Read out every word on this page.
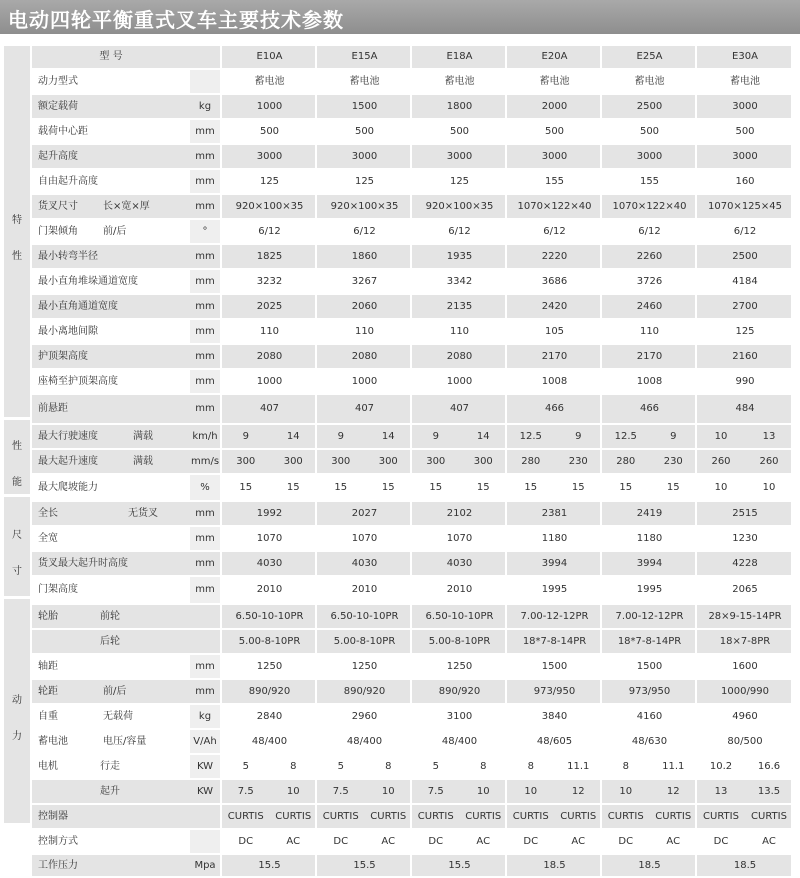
电动四轮平衡重式叉车主要技术参数
型 号	E10A	E15A	E18A	E20A	E25A	E30A
特
性
性
能
尺
寸
动
力
动力型式	蓄电池	蓄电池	蓄电池	蓄电池	蓄电池	蓄电池
额定载荷	kg	1000	1500	1800	2000	2500	3000
载荷中心距	mm	500	500	500	500	500	500
起升高度	mm	3000	3000	3000	3000	3000	3000
自由起升高度	mm	125	125	125	155	155	160
货叉尺寸	长×宽×厚	mm	920×100×35	920×100×35	920×100×35	1070×122×40	1070×122×40	1070×125×45
门架倾角	前/后	°	6/12	6/12	6/12	6/12	6/12	6/12
最小转弯半径	mm	1825	1860	1935	2220	2260	2500
最小直角堆垛通道宽度	mm	3232	3267	3342	3686	3726	4184
最小直角通道宽度	mm	2025	2060	2135	2420	2460	2700
最小离地间隙	mm	110	110	110	105	110	125
护顶架高度	mm	2080	2080	2080	2170	2170	2160
座椅至护顶架高度	mm	1000	1000	1000	1008	1008	990
前悬距	mm	407	407	407	466	466	484
最大行驶速度	满载	km/h	9	14	9	14	9	14	12.5	9	12.5	9	10	13
最大起升速度	满载	mm/s	300	300	300	300	300	300	280	230	280	230	260	260
最大爬坡能力	%	15	15	15	15	15	15	15	15	15	15	10	10
全长	无货叉	mm	1992	2027	2102	2381	2419	2515
全宽	mm	1070	1070	1070	1180	1180	1230
货叉最大起升时高度	mm	4030	4030	4030	3994	3994	4228
门架高度	mm	2010	2010	2010	1995	1995	2065
轮胎	前轮	6.50-10-10PR	6.50-10-10PR	6.50-10-10PR	7.00-12-12PR	7.00-12-12PR	28×9-15-14PR
后轮	5.00-8-10PR	5.00-8-10PR	5.00-8-10PR	18*7-8-14PR	18*7-8-14PR	18×7-8PR
轴距	mm	1250	1250	1250	1500	1500	1600
轮距	前/后	mm	890/920	890/920	890/920	973/950	973/950	1000/990
自重	无载荷	kg	2840	2960	3100	3840	4160	4960
蓄电池	电压/容量	V/Ah	48/400	48/400	48/400	48/605	48/630	80/500
电机	行走	KW	5	8	5	8	5	8	8	11.1	8	11.1	10.2	16.6
起升	KW	7.5	10	7.5	10	7.5	10	10	12	10	12	13	13.5
控制器	CURTIS	CURTIS	CURTIS	CURTIS	CURTIS	CURTIS	CURTIS	CURTIS	CURTIS	CURTIS	CURTIS	CURTIS
控制方式	DC	AC	DC	AC	DC	AC	DC	AC	DC	AC	DC	AC
工作压力	Mpa	15.5	15.5	15.5	18.5	18.5	18.5
